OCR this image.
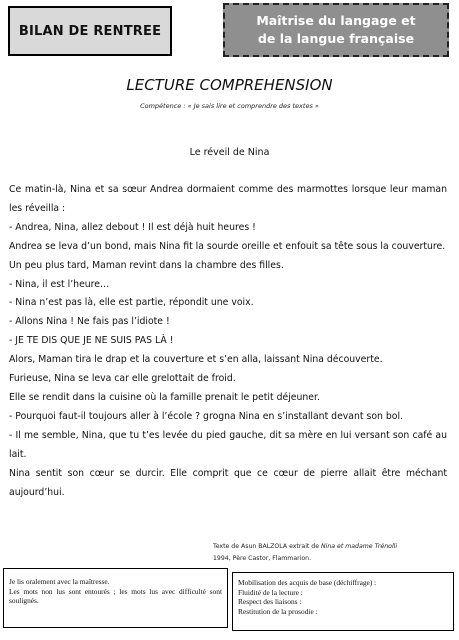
BILAN DE RENTREE
Maîtrise du langage et
de la langue française
LECTURE COMPREHENSION
Compétence : « Je sais lire et comprendre des textes »
Le réveil de Nina

Ce matin-là, Nina et sa sœur Andrea dormaient comme des marmottes lorsque leur maman les réveilla :

- Andrea, Nina, allez debout ! Il est déjà huit heures !

Andrea se leva d’un bond, mais Nina fit la sourde oreille et enfouit sa tête sous la couverture.

Un peu plus tard, Maman revint dans la chambre des filles.

- Nina, il est l’heure…

- Nina n’est pas là, elle est partie, répondit une voix.

- Allons Nina ! Ne fais pas l’idiote !

- JE TE DIS QUE JE NE SUIS PAS LÀ !

Alors, Maman tira le drap et la couverture et s’en alla, laissant Nina découverte.

Furieuse, Nina se leva car elle grelottait de froid.

Elle se rendit dans la cuisine où la famille prenait le petit déjeuner.

- Pourquoi faut-il toujours aller à l’école ? grogna Nina en s’installant devant son bol.

- Il me semble, Nina, que tu t’es levée du pied gauche, dit sa mère en lui versant son café au lait.

Nina sentit son cœur se durcir. Elle comprit que ce cœur de pierre allait être méchant aujourd’hui.

Texte de Asun BALZOLA extrait de Nina et madame Trénolli
1994, Père Castor, Flammarion.
Je lis oralement avec la maîtresse.
Les mots non lus sont entourés ; les mots lus avec difficulté sont soulignés.
Mobilisation des acquis de base (déchiffrage) :
Fluidité de la lecture :
Respect des liaisons :
Restitution de la prosodie :
